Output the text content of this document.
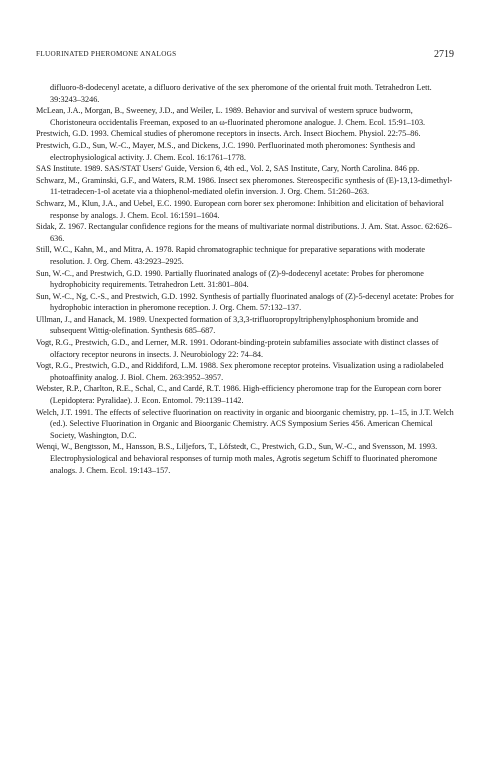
FLUORINATED PHEROMONE ANALOGS	2719

difluoro-8-dodecenyl acetate, a difluoro derivative of the sex pheromone of the oriental fruit moth. Tetrahedron Lett. 39:3243–3246.

McLean, J.A., Morgan, B., Sweeney, J.D., and Weiler, L. 1989. Behavior and survival of western spruce budworm, Choristoneura occidentalis Freeman, exposed to an ω-fluorinated pheromone analogue. J. Chem. Ecol. 15:91–103.

Prestwich, G.D. 1993. Chemical studies of pheromone receptors in insects. Arch. Insect Biochem. Physiol. 22:75–86.

Prestwich, G.D., Sun, W.-C., Mayer, M.S., and Dickens, J.C. 1990. Perfluorinated moth pheromones: Synthesis and electrophysiological activity. J. Chem. Ecol. 16:1761–1778.

SAS Institute. 1989. SAS/STAT Users' Guide, Version 6, 4th ed., Vol. 2, SAS Institute, Cary, North Carolina. 846 pp.

Schwarz, M., Graminski, G.F., and Waters, R.M. 1986. Insect sex pheromones. Stereospecific synthesis of (E)-13,13-dimethyl-11-tetradecen-1-ol acetate via a thiophenol-mediated olefin inversion. J. Org. Chem. 51:260–263.

Schwarz, M., Klun, J.A., and Uebel, E.C. 1990. European corn borer sex pheromone: Inhibition and elicitation of behavioral response by analogs. J. Chem. Ecol. 16:1591–1604.

Sidak, Z. 1967. Rectangular confidence regions for the means of multivariate normal distributions. J. Am. Stat. Assoc. 62:626–636.

Still, W.C., Kahn, M., and Mitra, A. 1978. Rapid chromatographic technique for preparative separations with moderate resolution. J. Org. Chem. 43:2923–2925.

Sun, W.-C., and Prestwich, G.D. 1990. Partially fluorinated analogs of (Z)-9-dodecenyl acetate: Probes for pheromone hydrophobicity requirements. Tetrahedron Lett. 31:801–804.

Sun, W.-C., Ng, C.-S., and Prestwich, G.D. 1992. Synthesis of partially fluorinated analogs of (Z)-5-decenyl acetate: Probes for hydrophobic interaction in pheromone reception. J. Org. Chem. 57:132–137.

Ullman, J., and Hanack, M. 1989. Unexpected formation of 3,3,3-trifluoropropyltriphenylphosphonium bromide and subsequent Wittig-olefination. Synthesis 685–687.

Vogt, R.G., Prestwich, G.D., and Lerner, M.R. 1991. Odorant-binding-protein subfamilies associate with distinct classes of olfactory receptor neurons in insects. J. Neurobiology 22: 74–84.

Vogt, R.G., Prestwich, G.D., and Riddiford, L.M. 1988. Sex pheromone receptor proteins. Visualization using a radiolabeled photoaffinity analog. J. Biol. Chem. 263:3952–3957.

Webster, R.P., Charlton, R.E., Schal, C., and Cardé, R.T. 1986. High-efficiency pheromone trap for the European corn borer (Lepidoptera: Pyralidae). J. Econ. Entomol. 79:1139–1142.

Welch, J.T. 1991. The effects of selective fluorination on reactivity in organic and bioorganic chemistry, pp. 1–15, in J.T. Welch (ed.). Selective Fluorination in Organic and Bioorganic Chemistry. ACS Symposium Series 456. American Chemical Society, Washington, D.C.

Wenqi, W., Bengtsson, M., Hansson, B.S., Liljefors, T., Löfstedt, C., Prestwich, G.D., Sun, W.-C., and Svensson, M. 1993. Electrophysiological and behavioral responses of turnip moth males, Agrotis segetum Schiff to fluorinated pheromone analogs. J. Chem. Ecol. 19:143–157.
